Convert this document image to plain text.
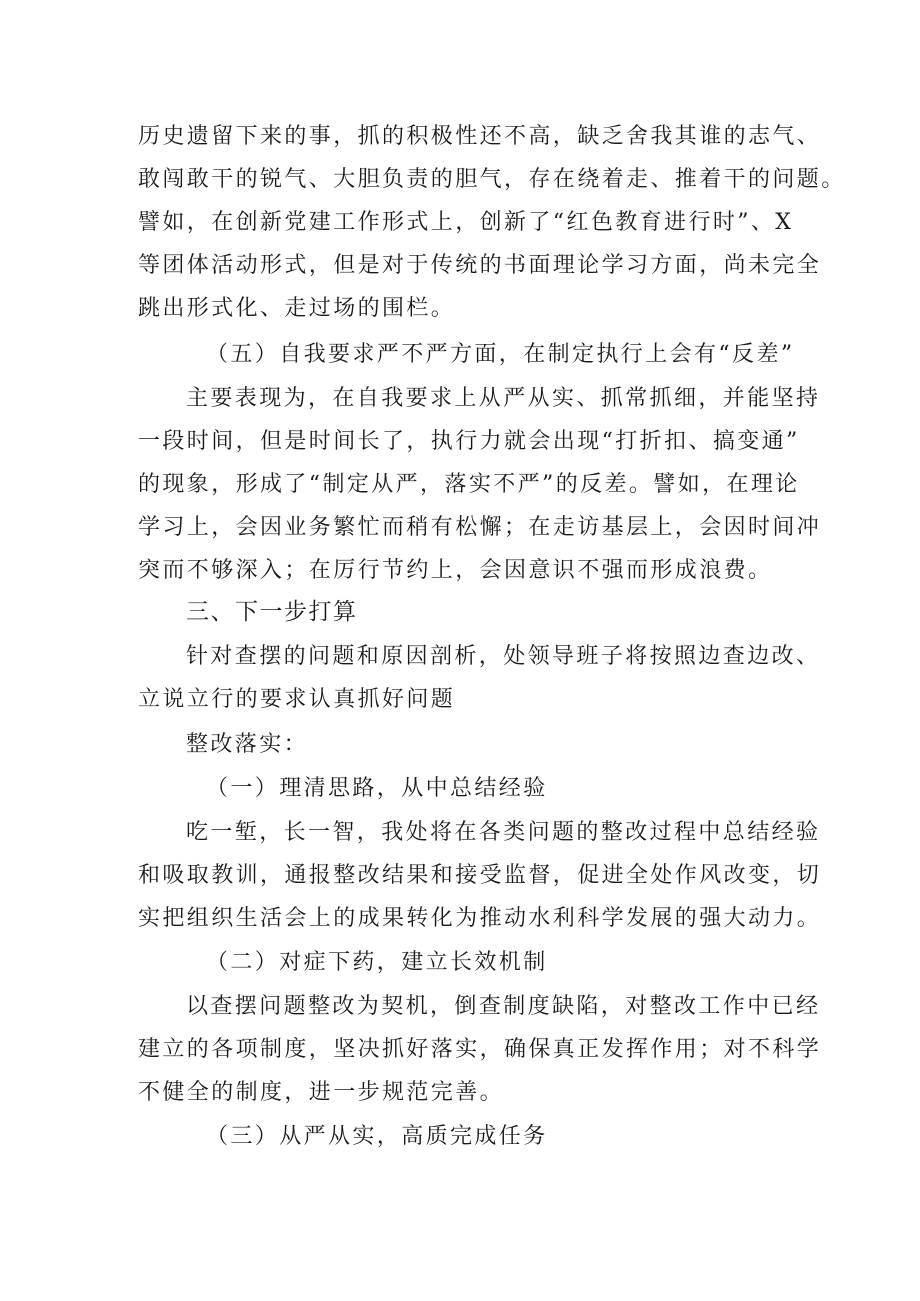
历史遗留下来的事，抓的积极性还不高，缺乏舍我其谁的志气、

敢闯敢干的锐气、大胆负责的胆气，存在绕着走、推着干的问题。

譬如，在创新党建工作形式上，创新了“红色教育进行时”、X

等团体活动形式，但是对于传统的书面理论学习方面，尚未完全

跳出形式化、走过场的围栏。

（五）自我要求严不严方面，在制定执行上会有“反差”

主要表现为，在自我要求上从严从实、抓常抓细，并能坚持

一段时间，但是时间长了，执行力就会出现“打折扣、搞变通”

的现象，形成了“制定从严，落实不严”的反差。譬如，在理论

学习上，会因业务繁忙而稍有松懈；在走访基层上，会因时间冲

突而不够深入；在厉行节约上，会因意识不强而形成浪费。

三、下一步打算

针对查摆的问题和原因剖析，处领导班子将按照边查边改、

立说立行的要求认真抓好问题

整改落实：

（一）理清思路，从中总结经验

吃一堑，长一智，我处将在各类问题的整改过程中总结经验

和吸取教训，通报整改结果和接受监督，促进全处作风改变，切

实把组织生活会上的成果转化为推动水利科学发展的强大动力。

（二）对症下药，建立长效机制

以查摆问题整改为契机，倒查制度缺陷，对整改工作中已经

建立的各项制度，坚决抓好落实，确保真正发挥作用；对不科学

不健全的制度，进一步规范完善。

（三）从严从实，高质完成任务
